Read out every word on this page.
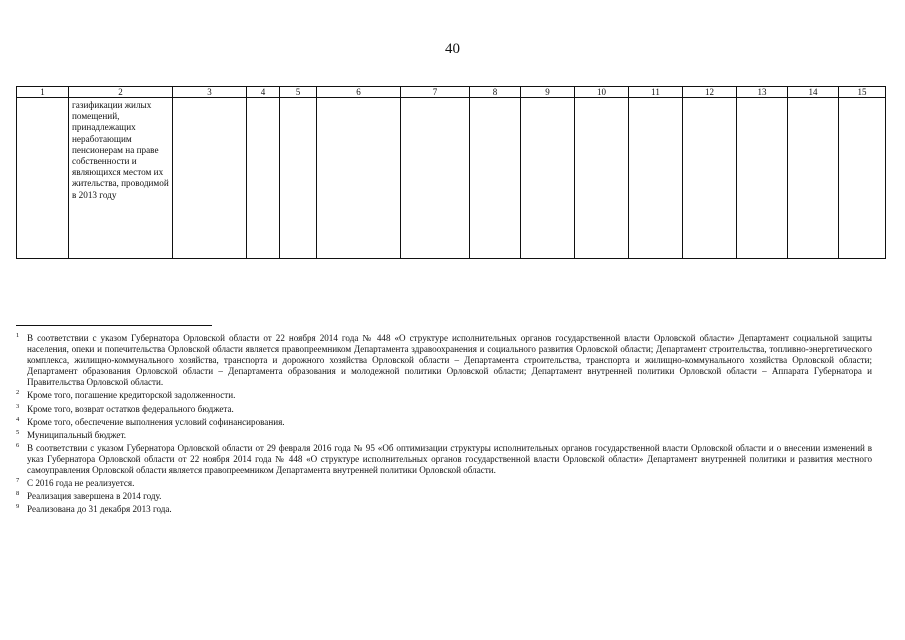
40
1	2	3	4	5	6	7	8	9	10	11	12	13	14	15

	газификации жилых помещений, принадлежащих неработающим пенсионерам на праве собственности и являющихся местом их жительства, проводимой в 2013 году													

1 В соответствии с указом Губернатора Орловской области от 22 ноября 2014 года № 448 «О структуре исполнительных органов государственной власти Орловской области» Департамент социальной защиты населения, опеки и попечительства Орловской области является правопреемником Департамента здравоохранения и социального развития Орловской области; Департамент строительства, топливно-энергетического комплекса, жилищно-коммунального хозяйства, транспорта и дорожного хозяйства Орловской области – Департамента строительства, транспорта и жилищно-коммунального хозяйства Орловской области; Департамент образования Орловской области – Департамента образования и молодежной политики Орловской области; Департамент внутренней политики Орловской области – Аппарата Губернатора и Правительства Орловской области.
2 Кроме того, погашение кредиторской задолженности.
3 Кроме того, возврат остатков федерального бюджета.
4 Кроме того, обеспечение выполнения условий софинансирования.
5 Муниципальный бюджет.
6 В соответствии с указом Губернатора Орловской области от 29 февраля 2016 года № 95 «Об оптимизации структуры исполнительных органов государственной власти Орловской области и о внесении изменений в указ Губернатора Орловской области от 22 ноября 2014 года № 448 «О структуре исполнительных органов государственной власти Орловской области» Департамент внутренней политики и развития местного самоуправления Орловской области является правопреемником Департамента внутренней политики Орловской области.
7 С 2016 года не реализуется.
8 Реализация завершена в 2014 году.
9 Реализована до 31 декабря 2013 года.
